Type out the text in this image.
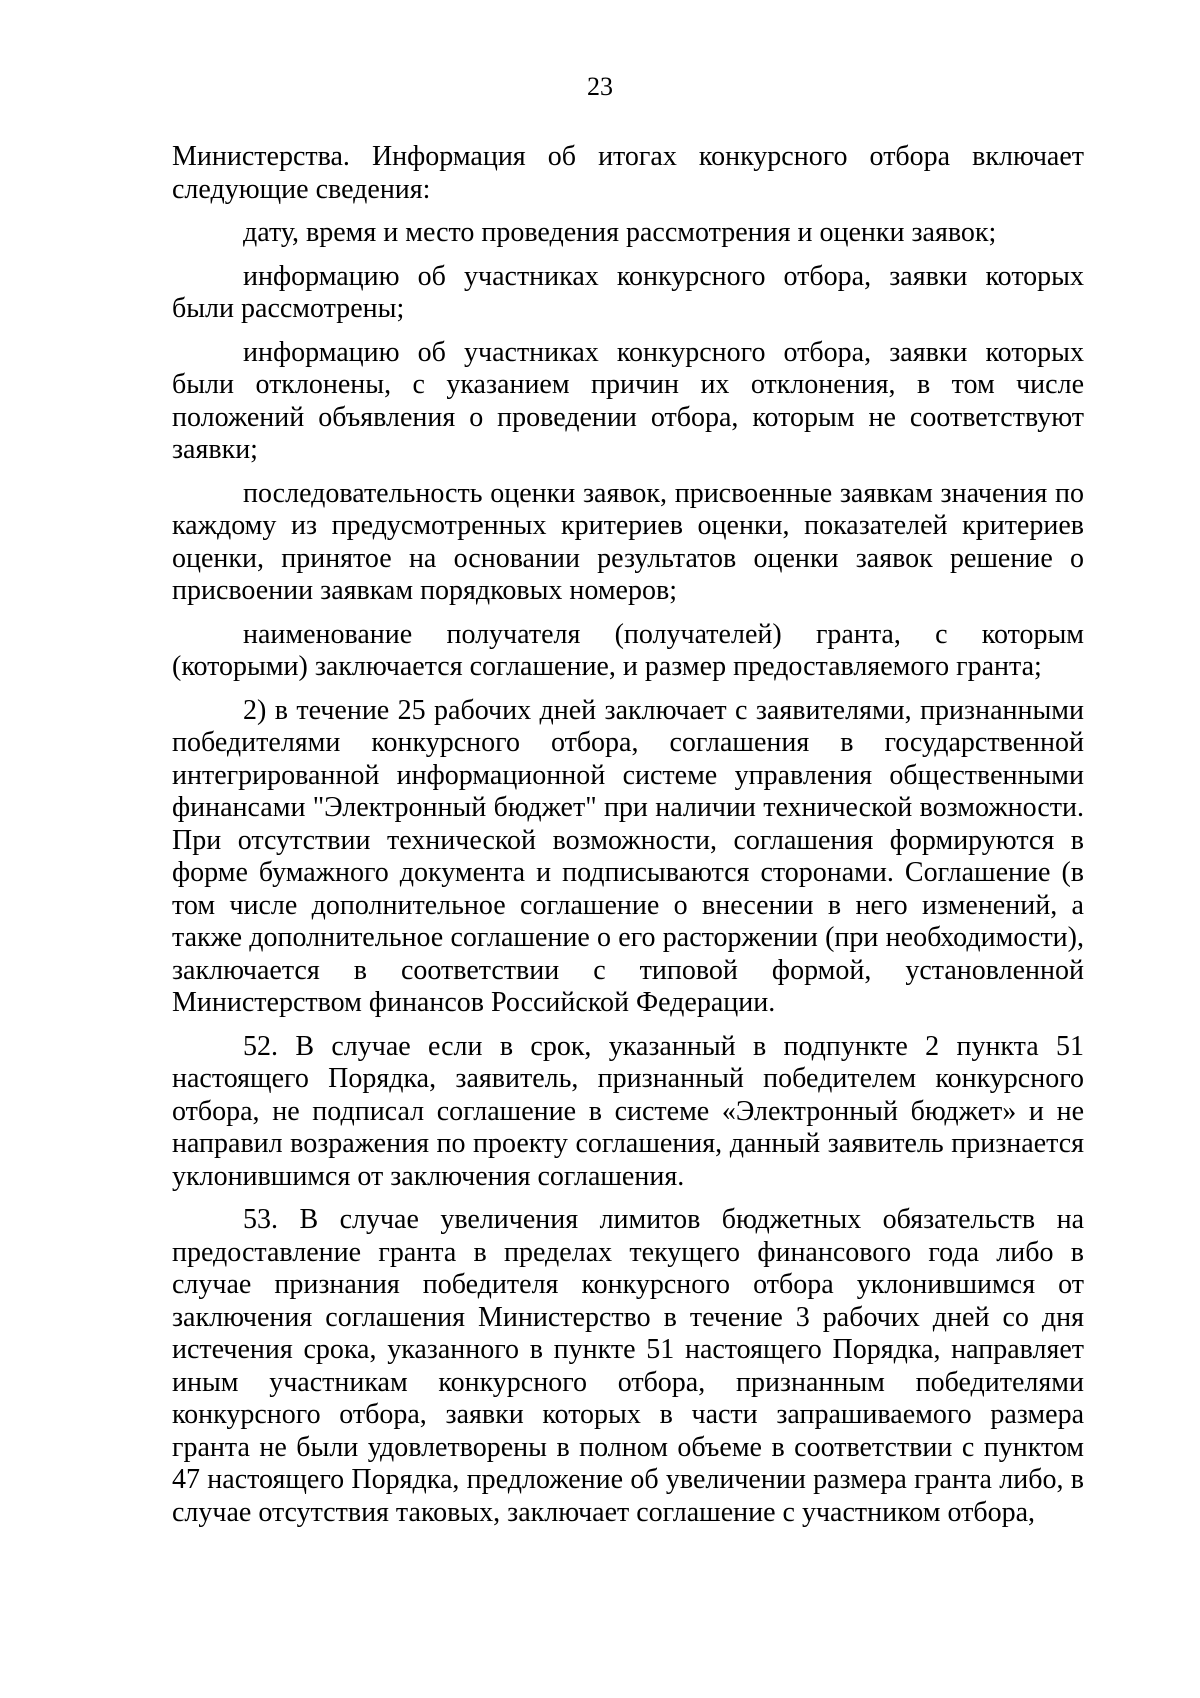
23

Министерства. Информация об итогах конкурсного отбора включает следующие сведения:

дату, время и место проведения рассмотрения и оценки заявок;

информацию об участниках конкурсного отбора, заявки которых были рассмотрены;

информацию об участниках конкурсного отбора, заявки которых были отклонены, с указанием причин их отклонения, в том числе положений объявления о проведении отбора, которым не соответствуют заявки;

последовательность оценки заявок, присвоенные заявкам значения по каждому из предусмотренных критериев оценки, показателей критериев оценки, принятое на основании результатов оценки заявок решение о присвоении заявкам порядковых номеров;

наименование получателя (получателей) гранта, с которым (которыми) заключается соглашение, и размер предоставляемого гранта;

2) в течение 25 рабочих дней заключает с заявителями, признанными победителями конкурсного отбора, соглашения в государственной интегрированной информационной системе управления общественными финансами "Электронный бюджет" при наличии технической возможности. При отсутствии технической возможности, соглашения формируются в форме бумажного документа и подписываются сторонами. Соглашение (в том числе дополнительное соглашение о внесении в него изменений, а также дополнительное соглашение о его расторжении (при необходимости), заключается в соответствии с типовой формой, установленной Министерством финансов Российской Федерации.

52. В случае если в срок, указанный в подпункте 2 пункта 51 настоящего Порядка, заявитель, признанный победителем конкурсного отбора, не подписал соглашение в системе «Электронный бюджет» и не направил возражения по проекту соглашения, данный заявитель признается уклонившимся от заключения соглашения.

53. В случае увеличения лимитов бюджетных обязательств на предоставление гранта в пределах текущего финансового года либо в случае признания победителя конкурсного отбора уклонившимся от заключения соглашения Министерство в течение 3 рабочих дней со дня истечения срока, указанного в пункте 51 настоящего Порядка, направляет иным участникам конкурсного отбора, признанным победителями конкурсного отбора, заявки которых в части запрашиваемого размера гранта не были удовлетворены в полном объеме в соответствии с пунктом 47 настоящего Порядка, предложение об увеличении размера гранта либо, в случае отсутствия таковых, заключает соглашение с участником отбора,
